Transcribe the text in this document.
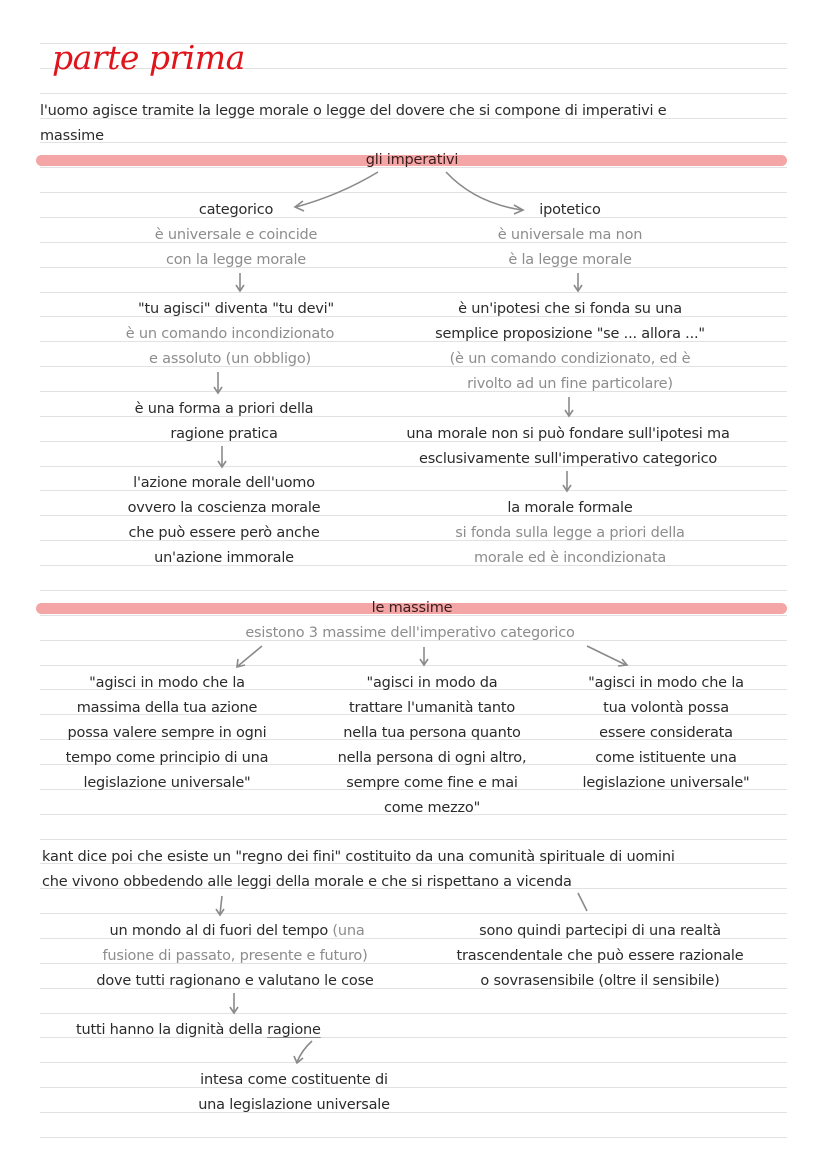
parte prima
l'uomo agisce tramite la legge morale o legge del dovere che si compone di imperativi e
massime
gli imperativi
categorico
è universale e coincide
con la legge morale
"tu agisci" diventa "tu devi"
è un comando incondizionato
e assoluto (un obbligo)
è una forma a priori della
ragione pratica
l'azione morale dell'uomo
ovvero la coscienza morale
che può essere però anche
un'azione immorale
ipotetico
è universale ma non
è la legge morale
è un'ipotesi che si fonda su una
semplice proposizione "se ... allora ..."
(è un comando condizionato, ed è
rivolto ad un fine particolare)
una morale non si può fondare sull'ipotesi ma
esclusivamente sull'imperativo categorico
la morale formale
si fonda sulla legge a priori della
morale ed è incondizionata
le massime
esistono 3 massime dell'imperativo categorico
"agisci in modo che la
massima della tua azione
possa valere sempre in ogni
tempo come principio di una
legislazione universale"
"agisci in modo da
trattare l'umanità tanto
nella tua persona quanto
nella persona di ogni altro,
sempre come fine e mai
come mezzo"
"agisci in modo che la
tua volontà possa
essere considerata
come istituente una
legislazione universale"
kant dice poi che esiste un "regno dei fini" costituito da una comunità spirituale di uomini
che vivono obbedendo alle leggi della morale e che si rispettano a vicenda
un mondo al di fuori del tempo (una
fusione di passato, presente e futuro)
dove tutti ragionano e valutano le cose
sono quindi partecipi di una realtà
trascendentale che può essere razionale
o sovrasensibile (oltre il sensibile)
tutti hanno la dignità della ragione
intesa come costituente di
una legislazione universale
